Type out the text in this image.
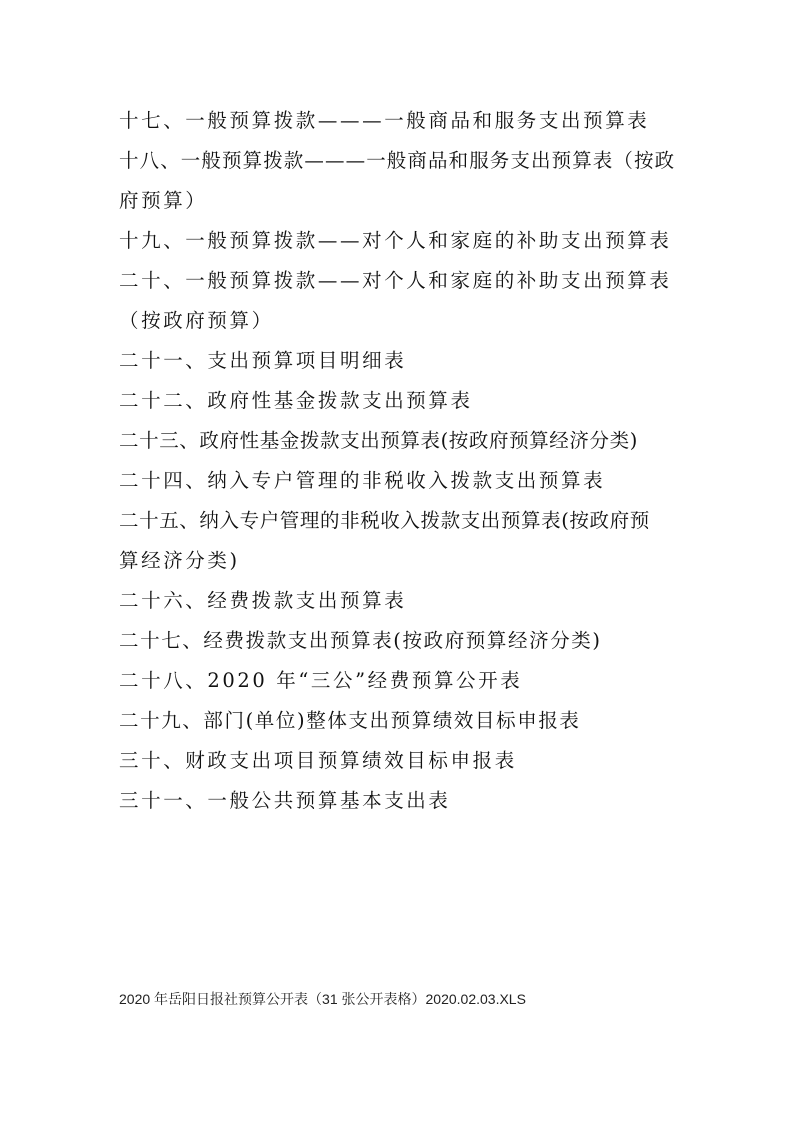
十七、一般预算拨款———一般商品和服务支出预算表
十八、一般预算拨款———一般商品和服务支出预算表（按政
府预算）
十九、一般预算拨款——对个人和家庭的补助支出预算表
二十、一般预算拨款——对个人和家庭的补助支出预算表
（按政府预算）
二十一、支出预算项目明细表
二十二、政府性基金拨款支出预算表
二十三、政府性基金拨款支出预算表(按政府预算经济分类)
二十四、纳入专户管理的非税收入拨款支出预算表
二十五、纳入专户管理的非税收入拨款支出预算表(按政府预
算经济分类)
二十六、经费拨款支出预算表
二十七、经费拨款支出预算表(按政府预算经济分类)
二十八、2020 年“三公”经费预算公开表
二十九、部门(单位)整体支出预算绩效目标申报表
三十、财政支出项目预算绩效目标申报表
三十一、一般公共预算基本支出表
2020 年岳阳日报社预算公开表（31 张公开表格）2020.02.03.XLS
